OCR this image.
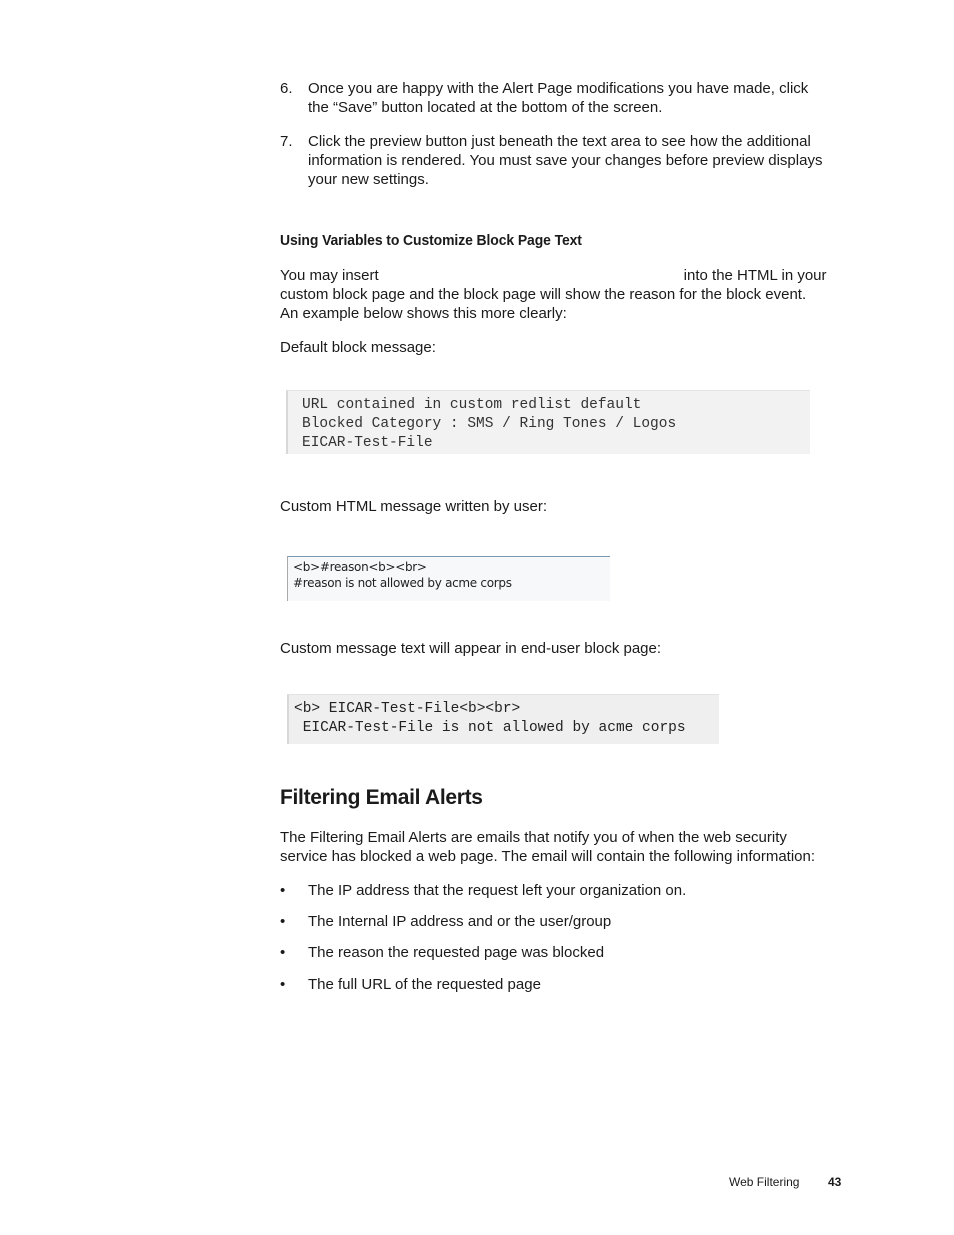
6. Once you are happy with the Alert Page modifications you have made, click
the “Save” button located at the bottom of the screen.
7. Click the preview button just beneath the text area to see how the additional
information is rendered. You must save your changes before preview displays
your new settings.
Using Variables to Customize Block Page Text
You may insert	into the HTML in your
custom block page and the block page will show the reason for the block event.
An example below shows this more clearly:
Default block message:
URL contained in custom redlist default
Blocked Category : SMS / Ring Tones / Logos
EICAR-Test-File
Custom HTML message written by user:
<b>#reason<b><br>
#reason is not allowed by acme corps
Custom message text will appear in end-user block page:
<b> EICAR-Test-File<b><br>
EICAR-Test-File is not allowed by acme corps
Filtering Email Alerts
The Filtering Email Alerts are emails that notify you of when the web security
service has blocked a web page. The email will contain the following information:
• The IP address that the request left your organization on.
• The Internal IP address and or the user/group
• The reason the requested page was blocked
• The full URL of the requested page
Web Filtering 43
